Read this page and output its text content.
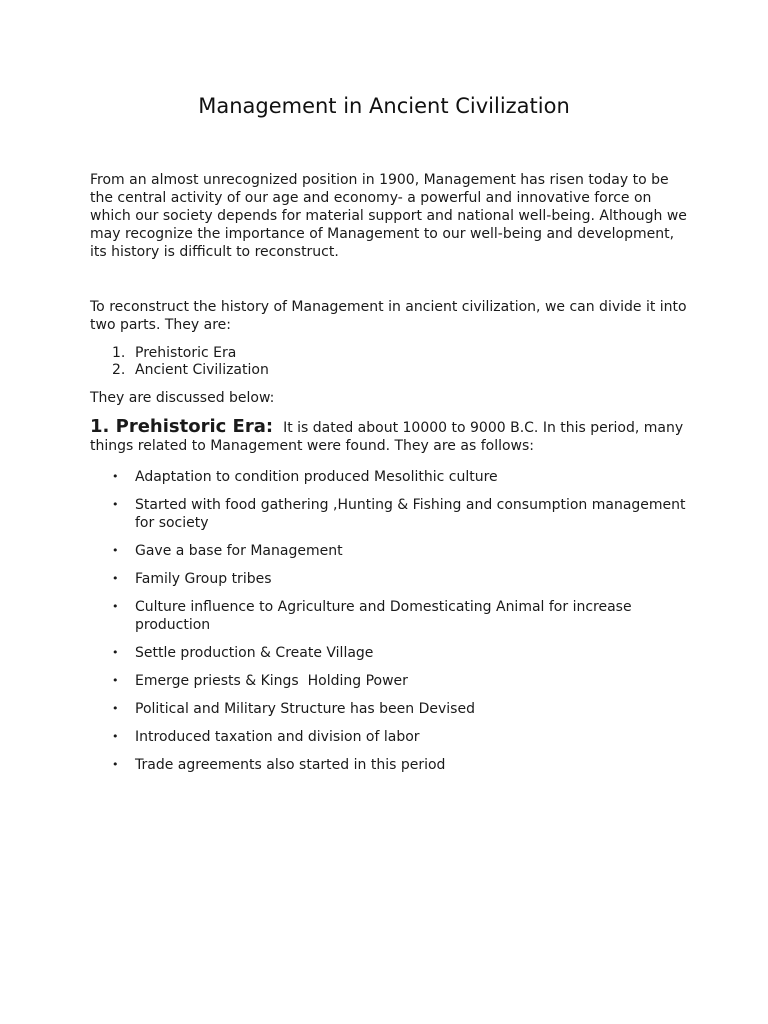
Management in Ancient Civilization

From an almost unrecognized position in 1900, Management has risen today to be the central activity of our age and economy- a powerful and innovative force on which our society depends for material support and national well-being. Although we may recognize the importance of Management to our well-being and development, its history is difficult to reconstruct.

To reconstruct the history of Management in ancient civilization, we can divide it into two parts. They are:

1. Prehistoric Era
2. Ancient Civilization

They are discussed below:

1. Prehistoric Era: It is dated about 10000 to 9000 B.C. In this period, many things related to Management were found. They are as follows:

• Adaptation to condition produced Mesolithic culture
• Started with food gathering ,Hunting & Fishing and consumption management for society
• Gave a base for Management
• Family Group tribes
• Culture influence to Agriculture and Domesticating Animal for increase production
• Settle production & Create Village
• Emerge priests & Kings  Holding Power
• Political and Military Structure has been Devised
• Introduced taxation and division of labor
• Trade agreements also started in this period
